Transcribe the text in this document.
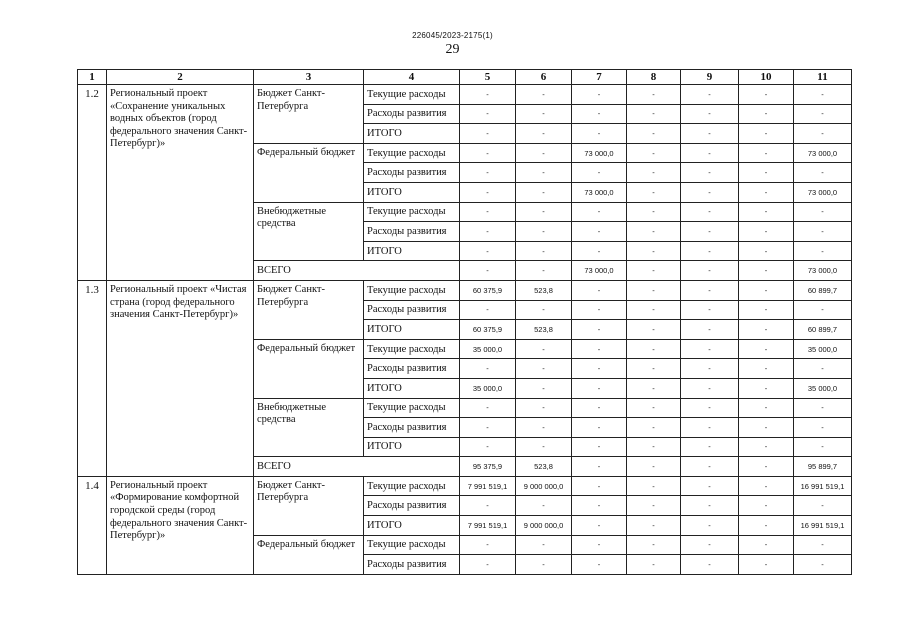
226045/2023-2175(1)
29
1	2	3	4	5	6	7	8	9	10	11
1.2	Региональный проект «Сохранение уникальных водных объектов (город федерального значения Санкт-Петербург)»	Бюджет Санкт-Петербурга	Текущие расходы	-	-	-	-	-	-	-
			Расходы развития	-	-	-	-	-	-	-
			ИТОГО	-	-	-	-	-	-	-
		Федеральный бюджет	Текущие расходы	-	-	73 000,0	-	-	-	73 000,0
			Расходы развития	-	-	-	-	-	-	-
			ИТОГО	-	-	73 000,0	-	-	-	73 000,0
		Внебюджетные средства	Текущие расходы	-	-	-	-	-	-	-
			Расходы развития	-	-	-	-	-	-	-
			ИТОГО	-	-	-	-	-	-	-
		ВСЕГО		-	-	73 000,0	-	-	-	73 000,0
1.3	Региональный проект «Чистая страна (город федерального значения Санкт-Петербург)»	Бюджет Санкт-Петербурга	Текущие расходы	60 375,9	523,8	-	-	-	-	60 899,7
			Расходы развития	-	-	-	-	-	-	-
			ИТОГО	60 375,9	523,8	-	-	-	-	60 899,7
		Федеральный бюджет	Текущие расходы	35 000,0	-	-	-	-	-	35 000,0
			Расходы развития	-	-	-	-	-	-	-
			ИТОГО	35 000,0	-	-	-	-	-	35 000,0
		Внебюджетные средства	Текущие расходы	-	-	-	-	-	-	-
			Расходы развития	-	-	-	-	-	-	-
			ИТОГО	-	-	-	-	-	-	-
		ВСЕГО		95 375,9	523,8	-	-	-	-	95 899,7
1.4	Региональный проект «Формирование комфортной городской среды (город федерального значения Санкт-Петербург)»	Бюджет Санкт-Петербурга	Текущие расходы	7 991 519,1	9 000 000,0	-	-	-	-	16 991 519,1
			Расходы развития	-	-	-	-	-	-	-
			ИТОГО	7 991 519,1	9 000 000,0	-	-	-	-	16 991 519,1
		Федеральный бюджет	Текущие расходы	-	-	-	-	-	-	-
			Расходы развития	-	-	-	-	-	-	-
